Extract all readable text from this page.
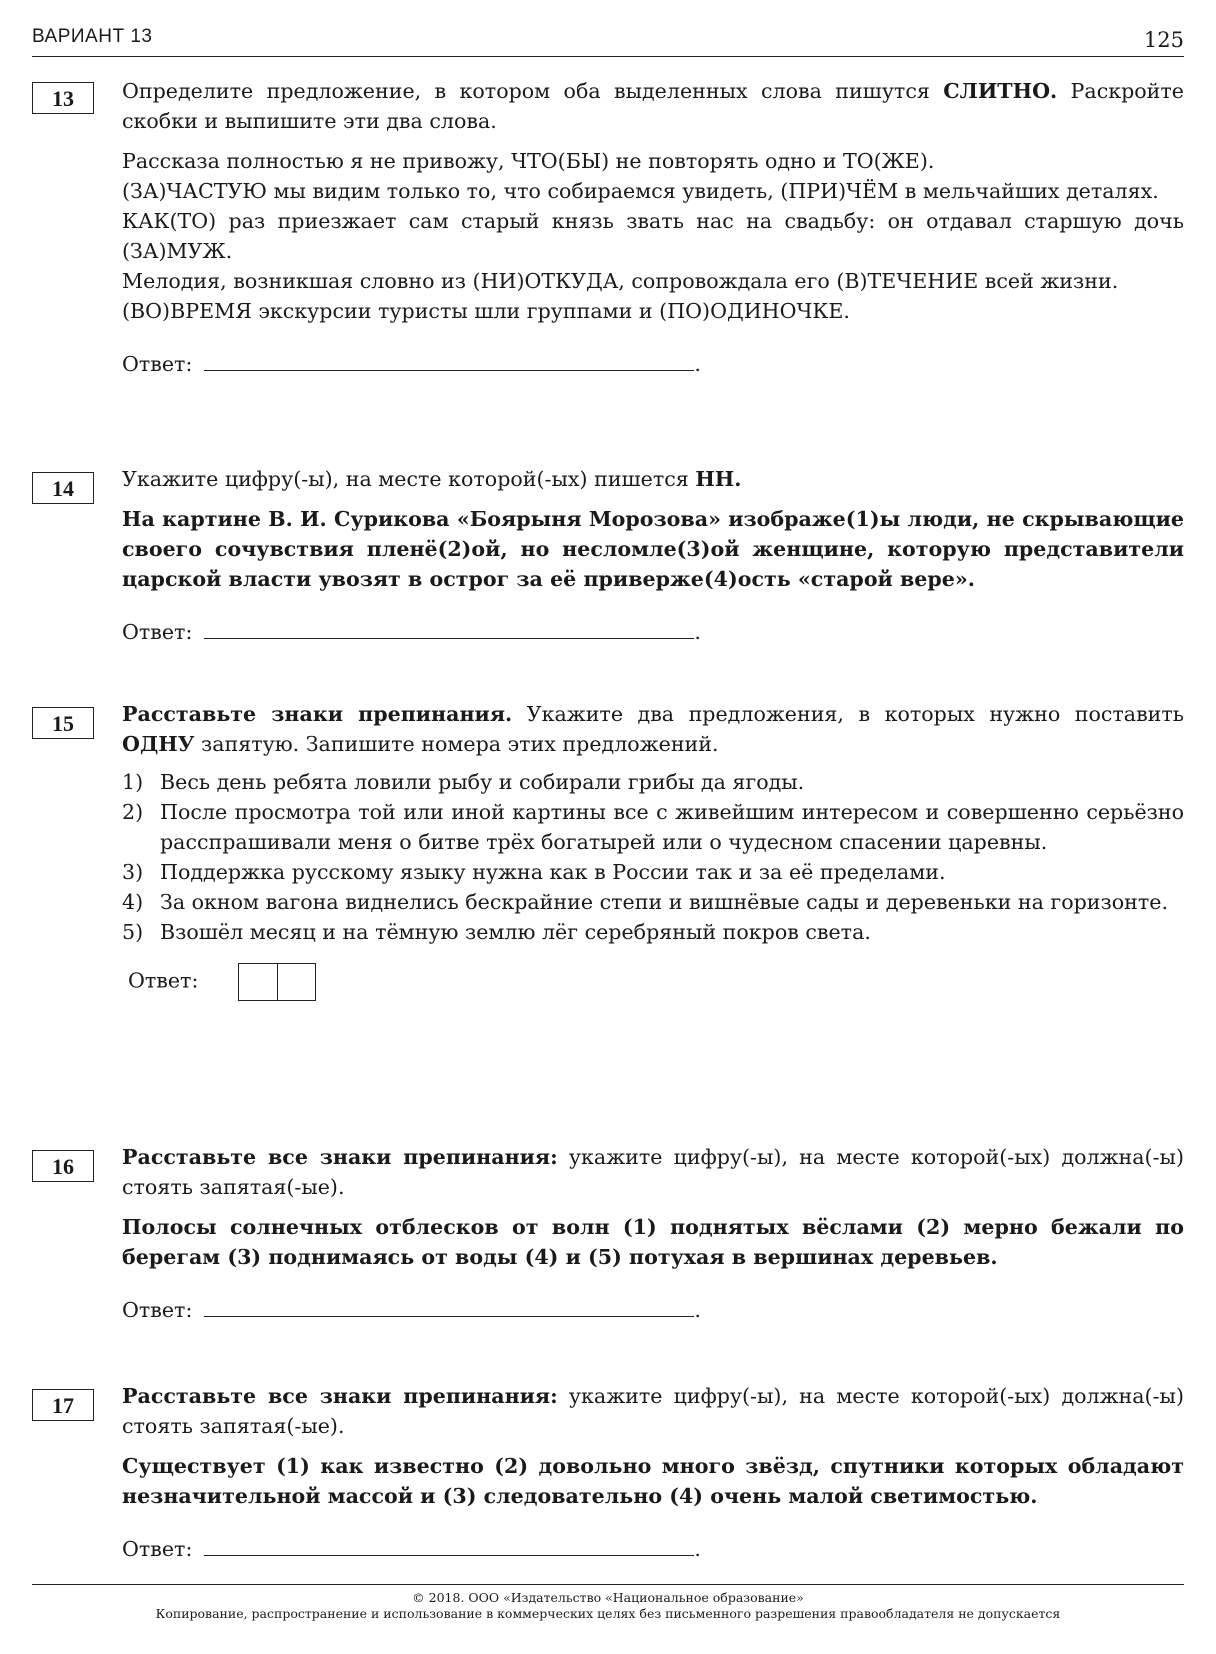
ВАРИАНТ 13	125
13	Определите предложение, в котором оба выделенных слова пишутся СЛИТНО. Раскройте скобки и выпишите эти два слова.

Рассказа полностью я не привожу, ЧТО(БЫ) не повторять одно и ТО(ЖЕ).

(ЗА)ЧАСТУЮ мы видим только то, что собираемся увидеть, (ПРИ)ЧЁМ в мельчайших деталях.

КАК(ТО) раз приезжает сам старый князь звать нас на свадьбу: он отдавал старшую дочь (ЗА)МУЖ.

Мелодия, возникшая словно из (НИ)ОТКУДА, сопровождала его (В)ТЕЧЕНИЕ всей жизни.

(ВО)ВРЕМЯ экскурсии туристы шли группами и (ПО)ОДИНОЧКЕ.

Ответ:	.
14	Укажите цифру(-ы), на месте которой(-ых) пишется НН.

На картине В. И. Сурикова «Боярыня Морозова» изображе(1)ы люди, не скрывающие своего сочувствия пленё(2)ой, но несломле(3)ой женщине, которую представители царской власти увозят в острог за её приверже(4)ость «старой вере».

Ответ:	.
15	Расставьте знаки препинания. Укажите два предложения, в которых нужно поставить ОДНУ запятую. Запишите номера этих предложений.

1) Весь день ребята ловили рыбу и собирали грибы да ягоды.
2) После просмотра той или иной картины все с живейшим интересом и совершенно серьёзно расспрашивали меня о битве трёх богатырей или о чудесном спасении царевны.
3) Поддержка русскому языку нужна как в России так и за её пределами.
4) За окном вагона виднелись бескрайние степи и вишнёвые сады и деревеньки на горизонте.
5) Взошёл месяц и на тёмную землю лёг серебряный покров света.
Ответ:
16	Расставьте все знаки препинания: укажите цифру(-ы), на месте которой(-ых) должна(-ы) стоять запятая(-ые).

Полосы солнечных отблесков от волн (1) поднятых вёслами (2) мерно бежали по берегам (3) поднимаясь от воды (4) и (5) потухая в вершинах деревьев.

Ответ:	.
17	Расставьте все знаки препинания: укажите цифру(-ы), на месте которой(-ых) должна(-ы) стоять запятая(-ые).

Существует (1) как известно (2) довольно много звёзд, спутники которых обладают незначительной массой и (3) следовательно (4) очень малой светимостью.

Ответ:	.
© 2018. ООО «Издательство «Национальное образование»
Копирование, распространение и использование в коммерческих целях без письменного разрешения правообладателя не допускается
